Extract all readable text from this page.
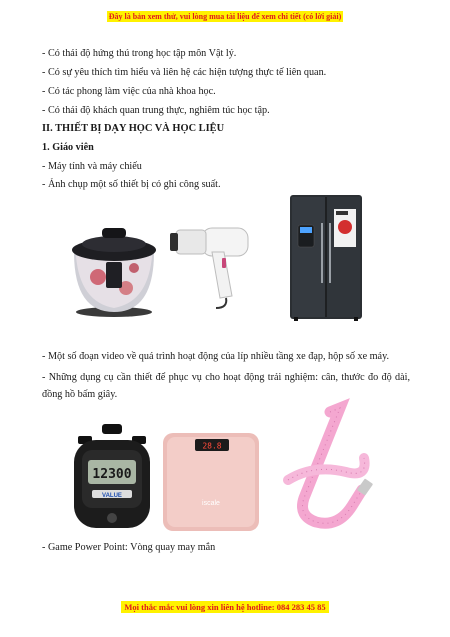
Đây là bản xem thử, vui lòng mua tài liệu để xem chi tiết (có lời giải)
- Có thái độ hứng thú trong học tập môn Vật lý.
- Có sự yêu thích tìm hiểu và liên hệ các hiện tượng thực tế liên quan.
- Có tác phong làm việc của nhà khoa học.
- Có thái độ khách quan trung thực, nghiêm túc học tập.
II. THIẾT BỊ DẠY HỌC VÀ HỌC LIỆU
1. Giáo viên
- Máy tính và máy chiếu
- Ảnh chụp một số thiết bị có ghi công suất.
- Một số đoạn video về quá trình hoạt động của líp nhiều tầng xe đạp, hộp số xe máy.
- Những dụng cụ cần thiết để phục vụ cho hoạt động trải nghiệm: cân, thước đo độ dài, đồng hồ bấm giây.
12300
VALUE
28.8
iscale
- Game Power Point: Vòng quay may mắn
Mọi thắc mắc vui lòng xin liên hệ hotline: 084 283 45 85
